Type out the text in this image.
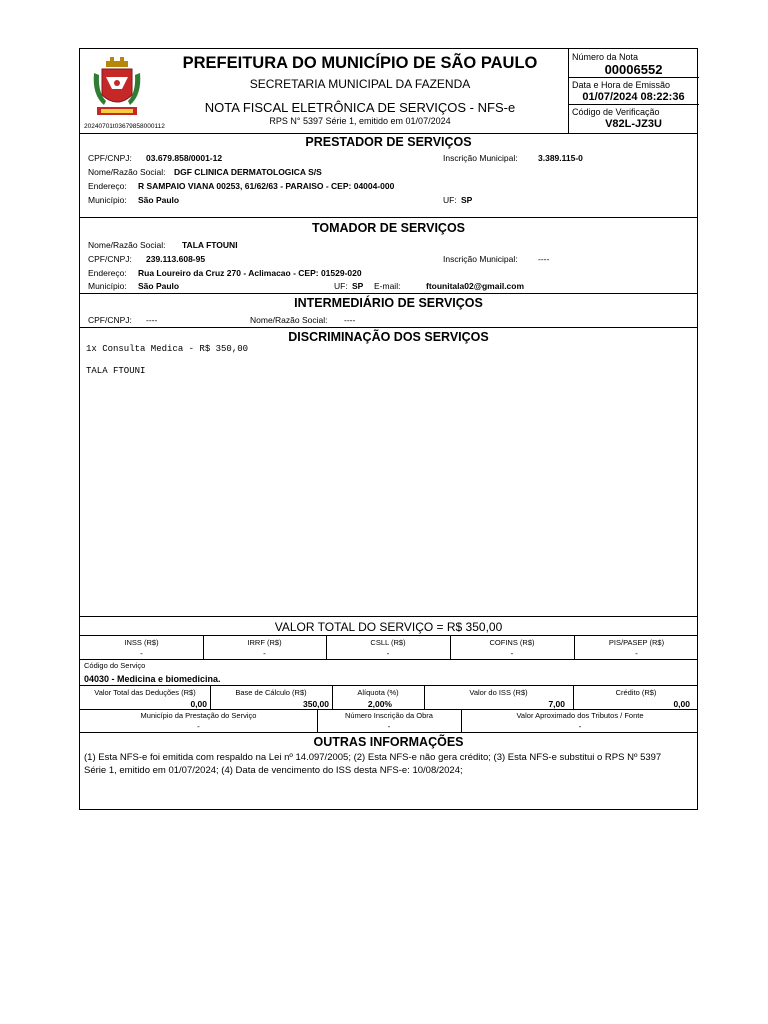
20240701t03679858000112
PREFEITURA DO MUNICÍPIO DE SÃO PAULO
SECRETARIA MUNICIPAL DA FAZENDA
NOTA FISCAL ELETRÔNICA DE SERVIÇOS - NFS-e
RPS N° 5397 Série 1, emitido em 01/07/2024
Número da Nota
00006552
Data e Hora de Emissão
01/07/2024 08:22:36
Código de Verificação
V82L-JZ3U
PRESTADOR DE SERVIÇOS
CPF/CNPJ: 03.679.858/0001-12	Inscrição Municipal: 3.389.115-0
Nome/Razão Social: DGF CLINICA DERMATOLOGICA S/S
Endereço: R SAMPAIO VIANA 00253, 61/62/63 - PARAISO - CEP: 04004-000
Município: São Paulo	UF: SP
TOMADOR DE SERVIÇOS
Nome/Razão Social: TALA FTOUNI
CPF/CNPJ: 239.113.608-95	Inscrição Municipal: ----
Endereço: Rua Loureiro da Cruz 270 - Aclimacao - CEP: 01529-020
Município: São Paulo	UF: SP E-mail:	ftounitala02@gmail.com
INTERMEDIÁRIO DE SERVIÇOS
CPF/CNPJ: ----	Nome/Razão Social: ----
DISCRIMINAÇÃO DOS SERVIÇOS
1x Consulta Medica - R$ 350,00
TALA FTOUNI
VALOR TOTAL DO SERVIÇO = R$ 350,00
INSS (R$)	IRRF (R$)	CSLL (R$)	COFINS (R$)	PIS/PASEP (R$)
-	-	-	-	-
Código do Serviço
04030 - Medicina e biomedicina.
Valor Total das Deduções (R$)	Base de Cálculo (R$)	Alíquota (%)	Valor do ISS (R$)	Crédito (R$)
0,00	350,00	2,00%	7,00	0,00
Município da Prestação do Serviço	Número Inscrição da Obra	Valor Aproximado dos Tributos / Fonte
-	-	-
OUTRAS INFORMAÇÕES
(1) Esta NFS-e foi emitida com respaldo na Lei nº 14.097/2005; (2) Esta NFS-e não gera crédito; (3) Esta NFS-e substitui o RPS Nº 5397 Série 1, emitido em 01/07/2024; (4) Data de vencimento do ISS desta NFS-e: 10/08/2024;
